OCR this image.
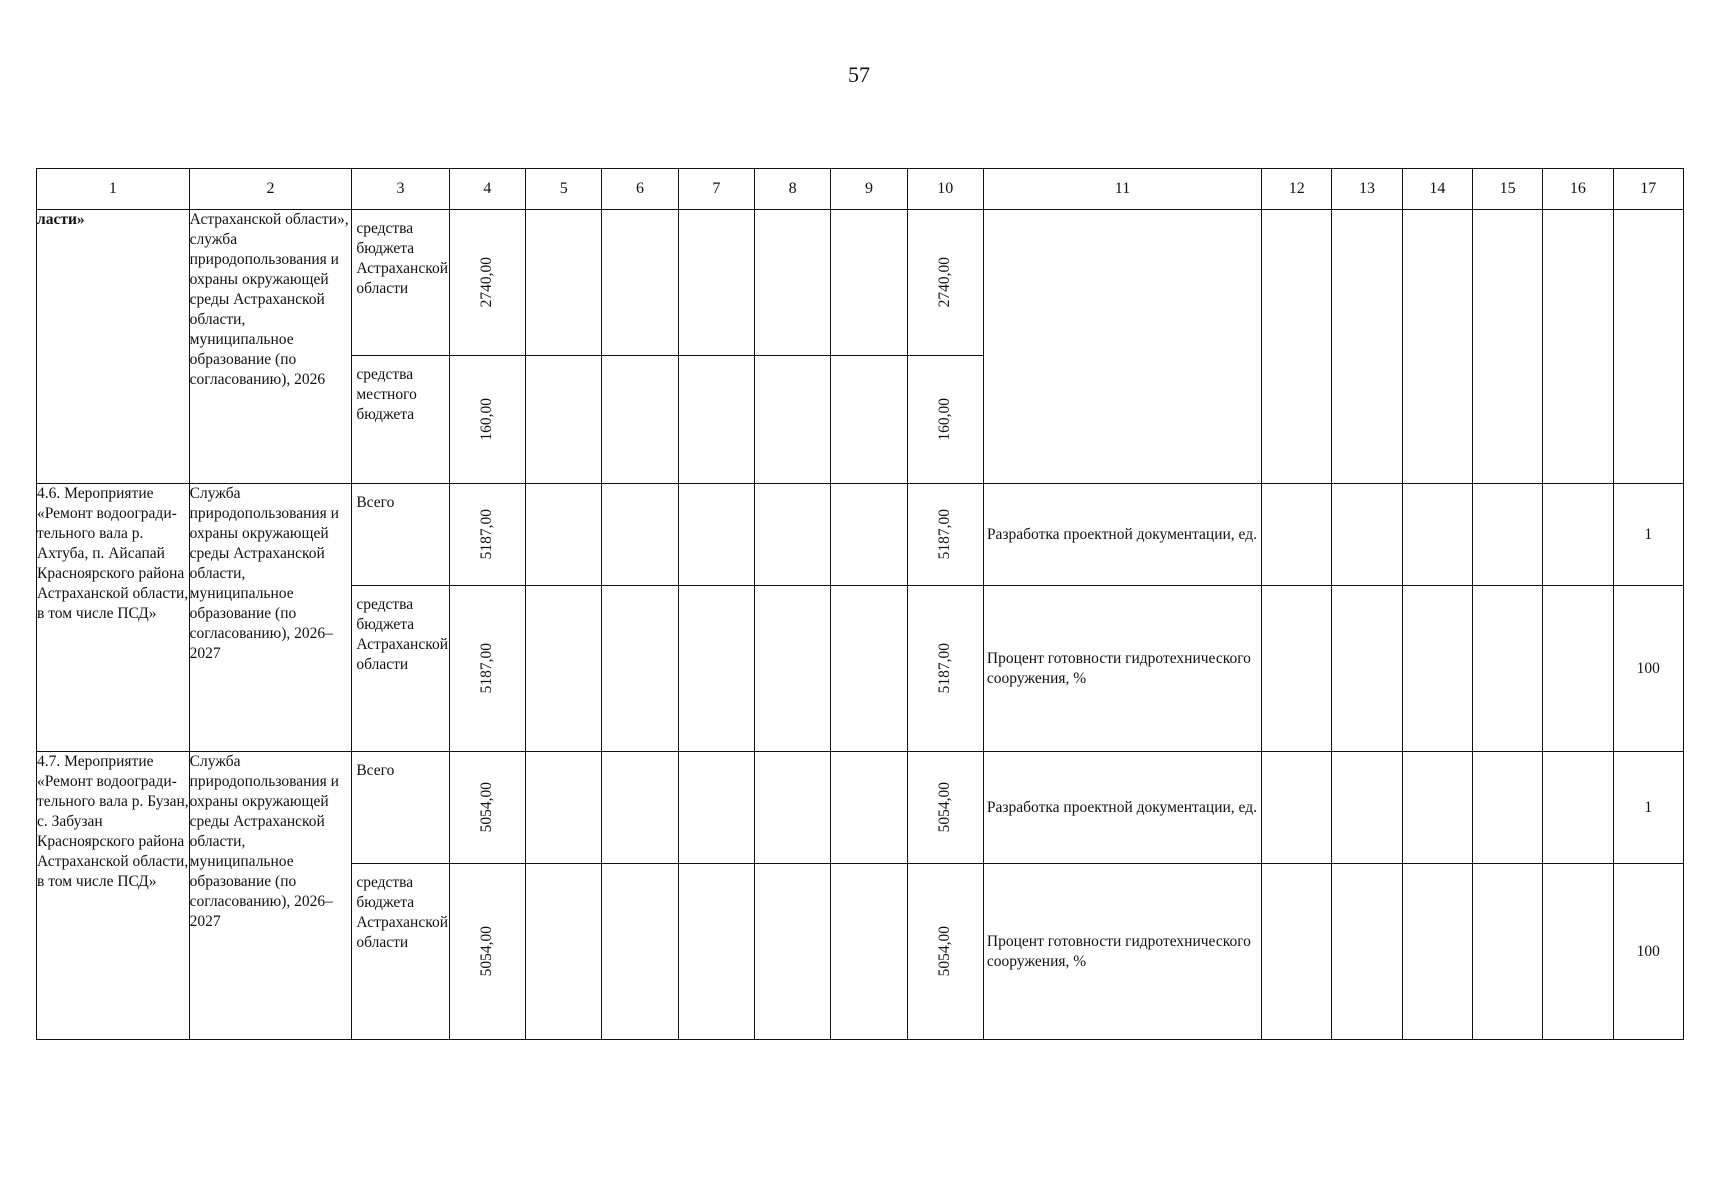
57
1	2	3	4	5	6	7	8	9	10	11	12	13	14	15	16	17
ласти»	Астраханской области», служба природопользования и охраны окружающей среды Астраханской области, муниципальное образование (по согласованию), 2026	средства бюджета Астраханской области	2740,00						2740,00							

		средства местного бюджета	160,00						160,00							

4.6. Мероприятие «Ремонт водоогради-тельного вала р. Ахтуба, п. Айсапай Красноярского района Астраханской области, в том числе ПСД»	Служба природопользования и охраны окружающей среды Астраханской области, муниципальное образование (по согласованию), 2026–2027	Всего	5187,00						5187,00	Разработка проектной документации, ед.						1
		средства бюджета Астраханской области	5187,00						5187,00	Процент готовности гидротехнического сооружения, %						100
4.7. Мероприятие «Ремонт водоогради-тельного вала р. Бузан, с. Забузан Красноярского района Астраханской области, в том числе ПСД»	Служба природопользования и охраны окружающей среды Астраханской области, муниципальное образование (по согласованию), 2026–2027	Всего	5054,00						5054,00	Разработка проектной документации, ед.						1
		средства бюджета Астраханской области	5054,00						5054,00	Процент готовности гидротехнического сооружения, %						100
